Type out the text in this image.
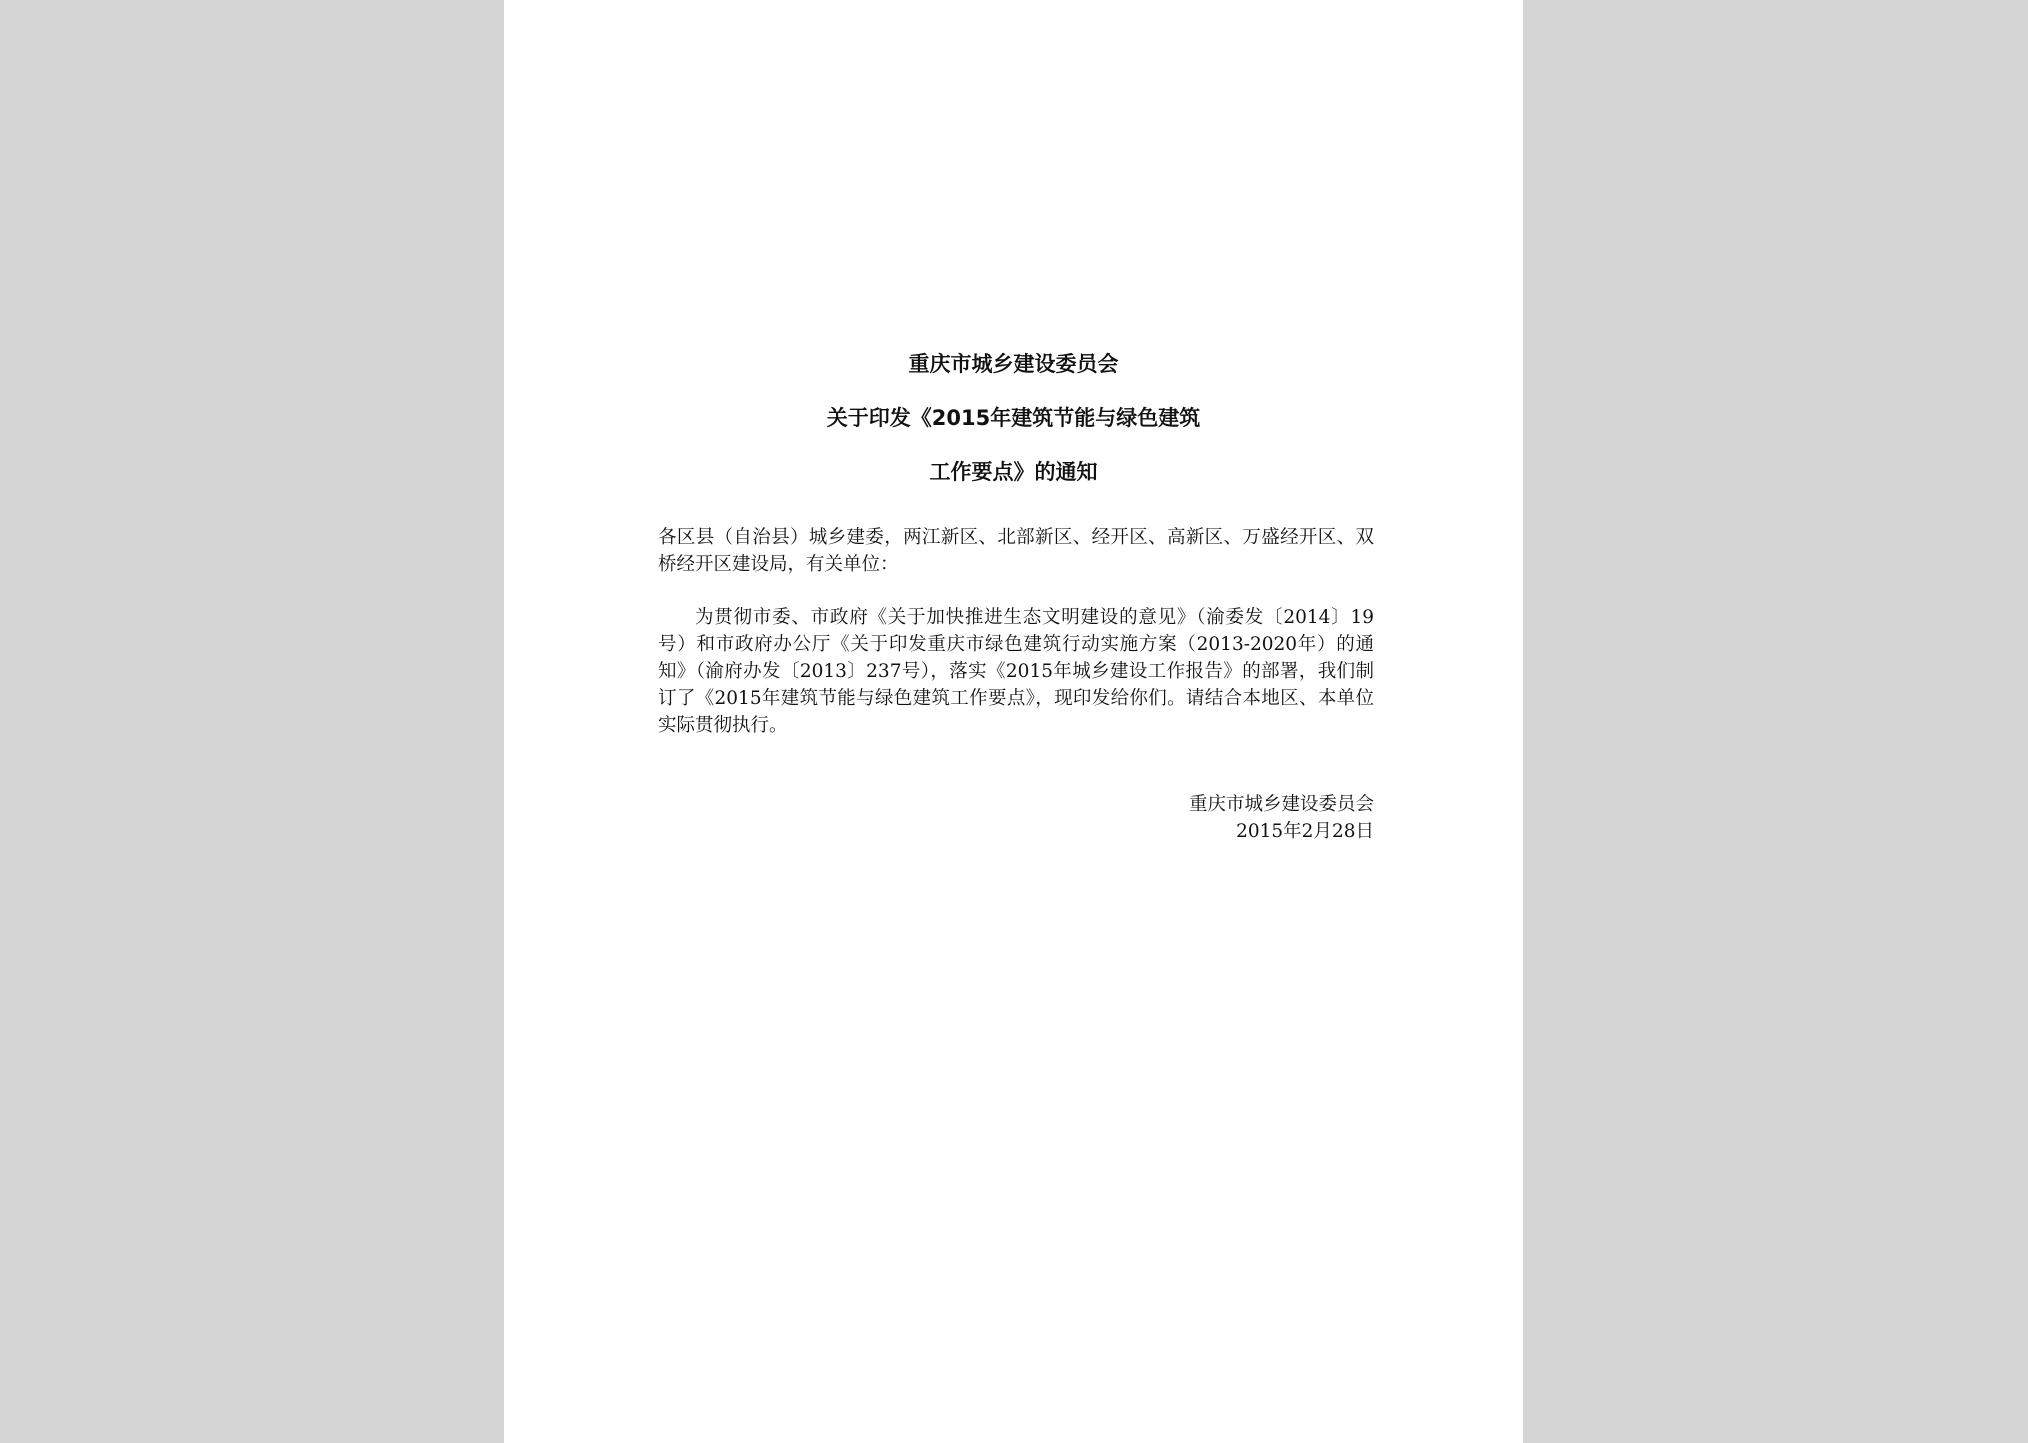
重庆市城乡建设委员会
关于印发《2015年建筑节能与绿色建筑
工作要点》的通知

各区县（自治县）城乡建委，两江新区、北部新区、经开区、高新区、万盛经开区、双桥经开区建设局，有关单位：

为贯彻市委、市政府《关于加快推进生态文明建设的意见》（渝委发〔2014〕19号）和市政府办公厅《关于印发重庆市绿色建筑行动实施方案（2013-2020年）的通知》（渝府办发〔2013〕237号），落实《2015年城乡建设工作报告》的部署，我们制订了《2015年建筑节能与绿色建筑工作要点》，现印发给你们。请结合本地区、本单位实际贯彻执行。

重庆市城乡建设委员会

2015年2月28日
